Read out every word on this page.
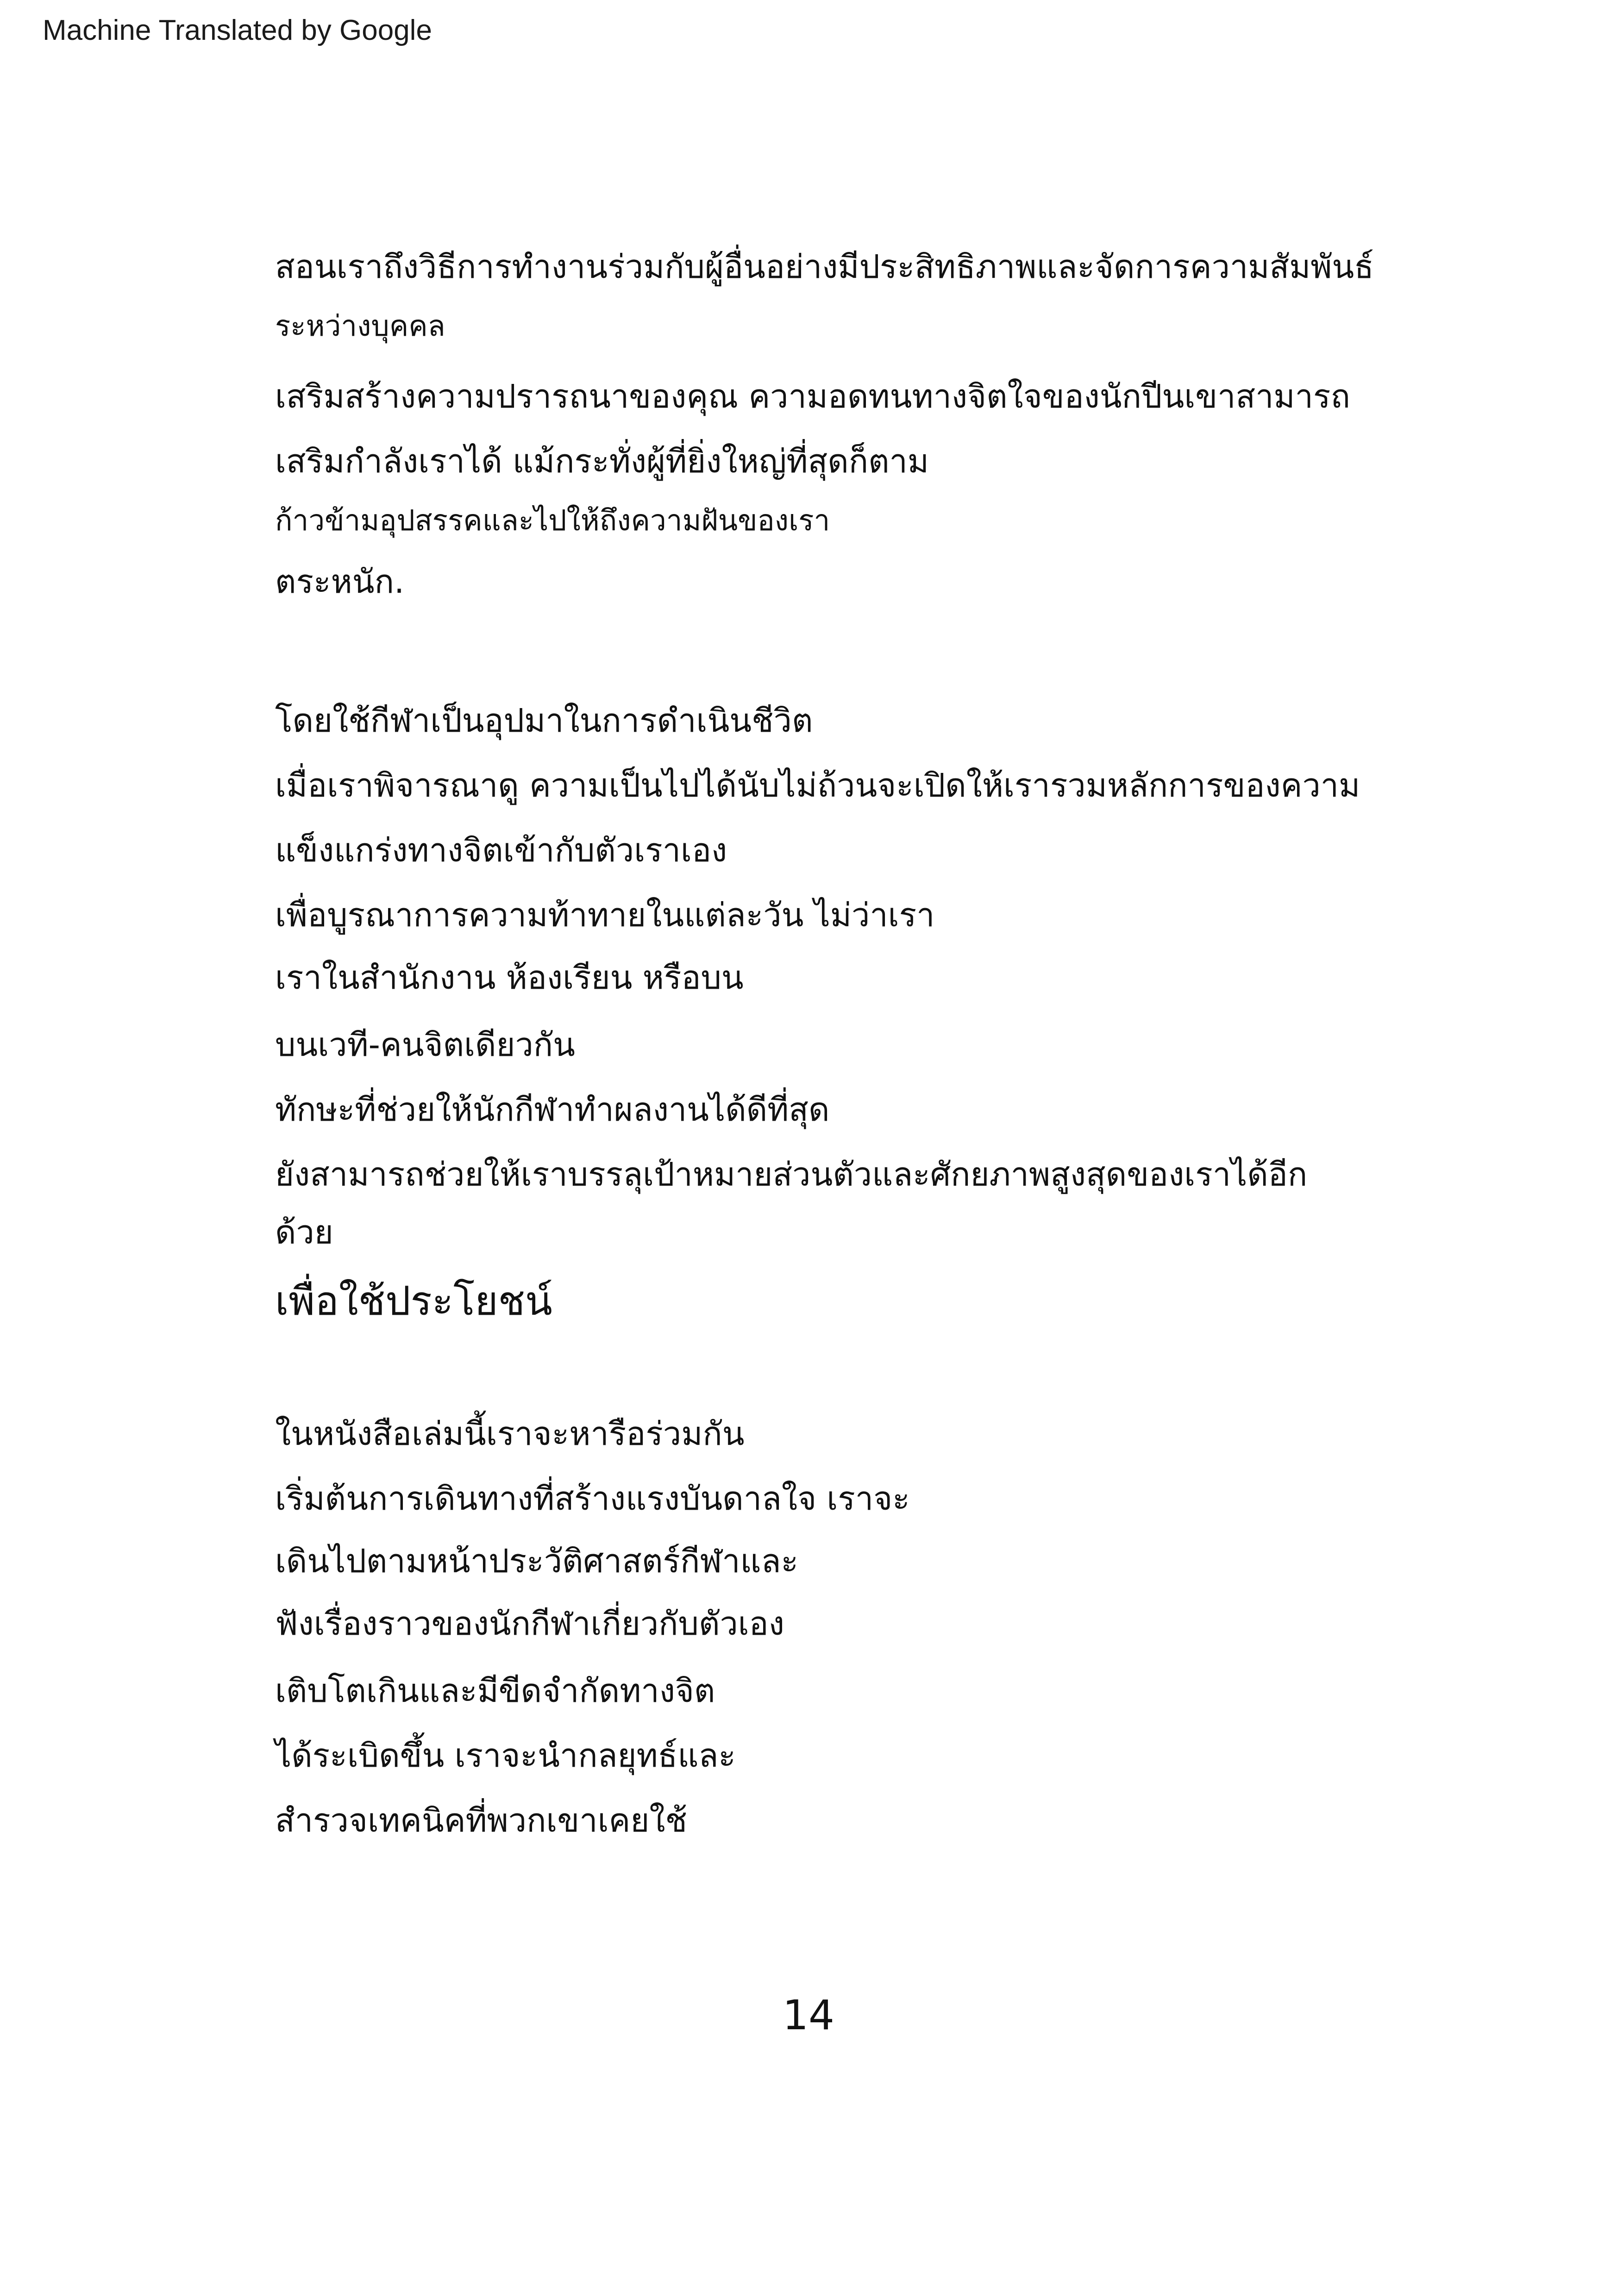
Machine Translated by Google
สอนเราถึงวิธีการทำงานร่วมกับผู้อื่นอย่างมีประสิทธิภาพและจัดการความสัมพันธ์
ระหว่างบุคคล
เสริมสร้างความปรารถนาของคุณ ความอดทนทางจิตใจของนักปีนเขาสามารถ
เสริมกำลังเราได้ แม้กระทั่งผู้ที่ยิ่งใหญ่ที่สุดก็ตาม
ก้าวข้ามอุปสรรคและไปให้ถึงความฝันของเรา
ตระหนัก.
โดยใช้กีฬาเป็นอุปมาในการดำเนินชีวิต
เมื่อเราพิจารณาดู ความเป็นไปได้นับไม่ถ้วนจะเปิดให้เรารวมหลักการของความ
แข็งแกร่งทางจิตเข้ากับตัวเราเอง
เพื่อบูรณาการความท้าทายในแต่ละวัน ไม่ว่าเรา
เราในสำนักงาน ห้องเรียน หรือบน
บนเวที-คนจิตเดียวกัน
ทักษะที่ช่วยให้นักกีฬาทำผลงานได้ดีที่สุด
ยังสามารถช่วยให้เราบรรลุเป้าหมายส่วนตัวและศักยภาพสูงสุดของเราได้อีก
ด้วย
เพื่อใช้ประโยชน์
ในหนังสือเล่มนี้เราจะหารือร่วมกัน
เริ่มต้นการเดินทางที่สร้างแรงบันดาลใจ เราจะ
เดินไปตามหน้าประวัติศาสตร์กีฬาและ
ฟังเรื่องราวของนักกีฬาเกี่ยวกับตัวเอง
เติบโตเกินและมีขีดจำกัดทางจิต
ได้ระเบิดขึ้น เราจะนำกลยุทธ์และ
สำรวจเทคนิคที่พวกเขาเคยใช้
14
